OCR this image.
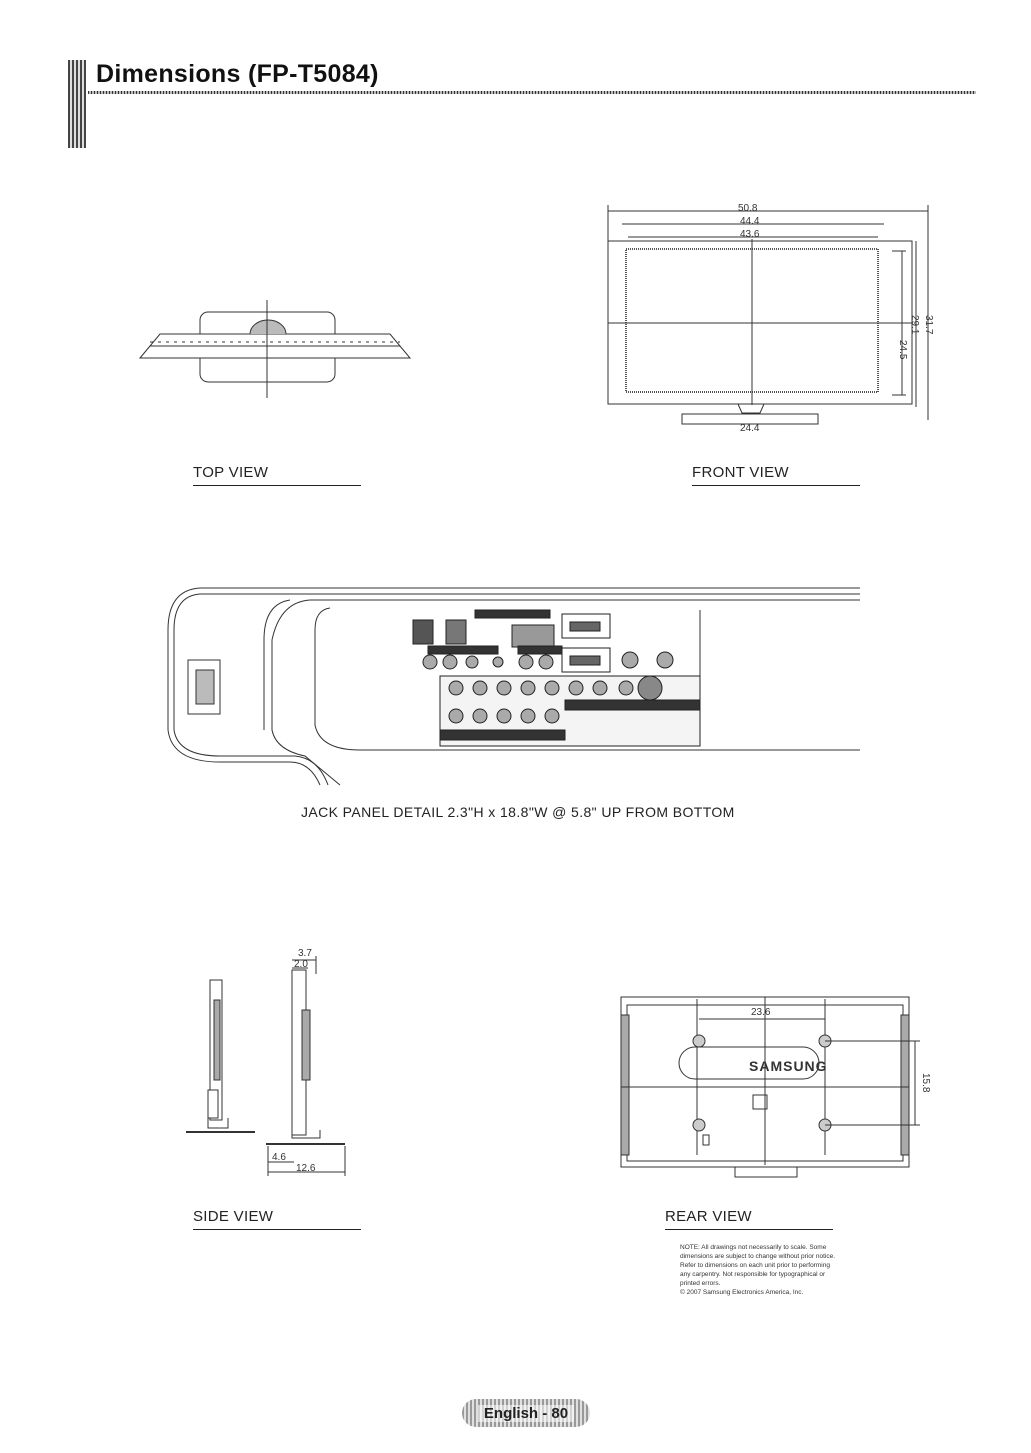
Dimensions (FP-T5084)
TOP VIEW
50.8
44.4
43.6
24.4
24.5
29.1 31.7
FRONT VIEW
JACK PANEL DETAIL 2.3"H x 18.8"W @ 5.8" UP FROM BOTTOM
3.7
2.0
4.6
12.6
SIDE VIEW
SAMSUNG
23.6
15.8
REAR VIEW
NOTE: All drawings not necessarily to scale. Some
dimensions are subject to change without prior notice.
Refer to dimensions on each unit prior to performing
any carpentry. Not responsible for typographical or
printed errors.
© 2007 Samsung Electronics America, Inc.
English - 80
